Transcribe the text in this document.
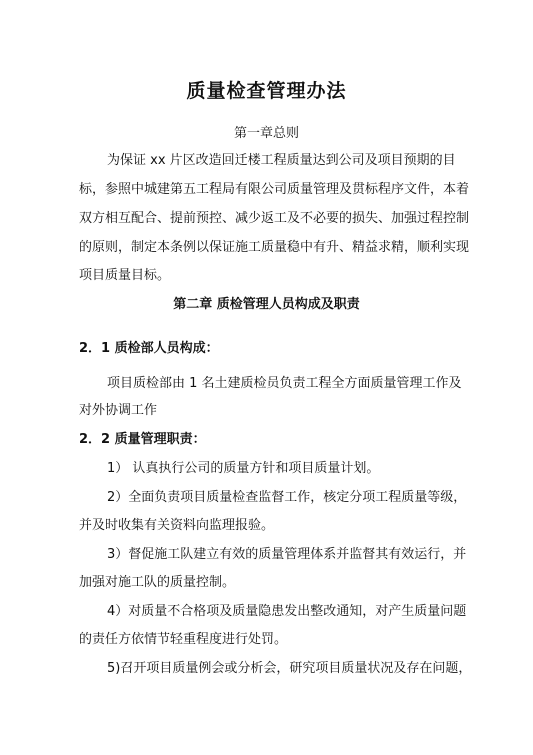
质量检查管理办法
第一章总则
为保证 xx 片区改造回迁楼工程质量达到公司及项目预期的目
标，参照中城建第五工程局有限公司质量管理及贯标程序文件，本着
双方相互配合、提前预控、减少返工及不必要的损失、加强过程控制
的原则，制定本条例以保证施工质量稳中有升、精益求精，顺利实现
项目质量目标。
第二章 质检管理人员构成及职责
2．1 质检部人员构成：
项目质检部由 1 名土建质检员负责工程全方面质量管理工作及
对外协调工作
2．2 质量管理职责：
1） 认真执行公司的质量方针和项目质量计划。
2）全面负责项目质量检查监督工作，核定分项工程质量等级，
并及时收集有关资料向监理报验。
3）督促施工队建立有效的质量管理体系并监督其有效运行，并
加强对施工队的质量控制。
4）对质量不合格项及质量隐患发出整改通知，对产生质量问题
的责任方依情节轻重程度进行处罚。
5)召开项目质量例会或分析会，研究项目质量状况及存在问题，
